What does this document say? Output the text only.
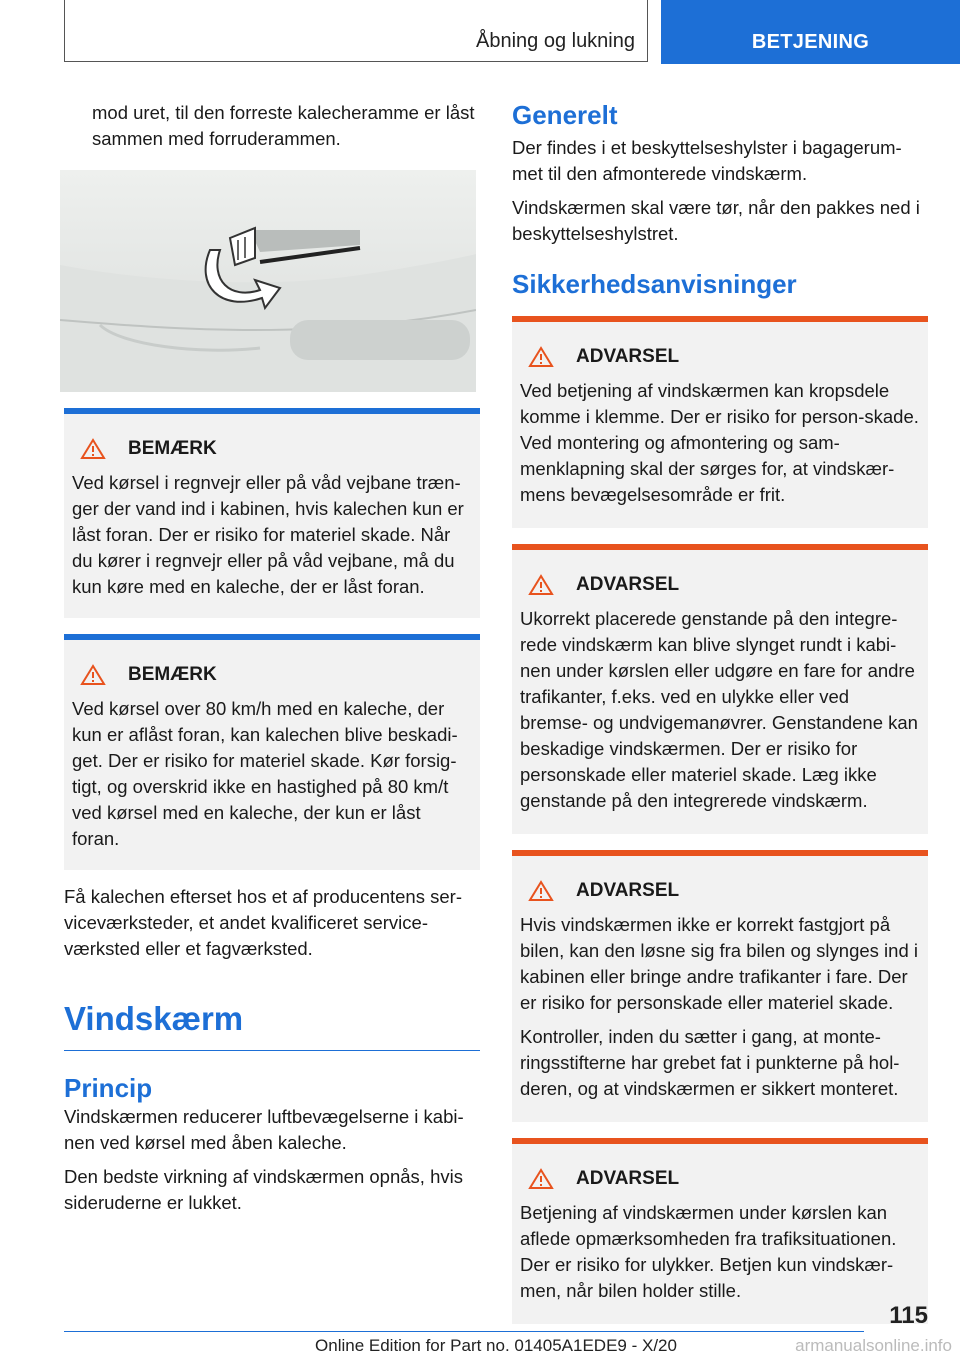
Åbning og lukning	BETJENING

mod uret, til den forreste kalecheramme er låst sammen med forruderammen.

BEMÆRK

Ved kørsel i regnvejr eller på våd vejbane træn-ger der vand ind i kabinen, hvis kalechen kun er låst foran. Der er risiko for materiel skade. Når du kører i regnvejr eller på våd vejbane, må du kun køre med en kaleche, der er låst foran.

BEMÆRK

Ved kørsel over 80 km/h med en kaleche, der kun er aflåst foran, kan kalechen blive beskadi-get. Der er risiko for materiel skade. Kør forsig-tigt, og overskrid ikke en hastighed på 80 km/t ved kørsel med en kaleche, der kun er låst foran.

Få kalechen efterset hos et af producentens ser-viceværksteder, et andet kvalificeret service-værksted eller et fagværksted.

Vindskærm
Princip

Vindskærmen reducerer luftbevægelserne i kabi-nen ved kørsel med åben kaleche.

Den bedste virkning af vindskærmen opnås, hvis sideruderne er lukket.

Generelt

Der findes i et beskyttelseshylster i bagagerum-met til den afmonterede vindskærm.

Vindskærmen skal være tør, når den pakkes ned i beskyttelseshylstret.

Sikkerhedsanvisninger
ADVARSEL

Ved betjening af vindskærmen kan kropsdele komme i klemme. Der er risiko for person-skade. Ved montering og afmontering og sam-menklapning skal der sørges for, at vindskær-mens bevægelsesområde er frit.

ADVARSEL

Ukorrekt placerede genstande på den integre-rede vindskærm kan blive slynget rundt i kabi-nen under kørslen eller udgøre en fare for andre trafikanter, f.eks. ved en ulykke eller ved bremse- og undvigemanøvrer. Genstandene kan beskadige vindskærmen. Der er risiko for personskade eller materiel skade. Læg ikke genstande på den integrerede vindskærm.

ADVARSEL

Hvis vindskærmen ikke er korrekt fastgjort på bilen, kan den løsne sig fra bilen og slynges ind i kabinen eller bringe andre trafikanter i fare. Der er risiko for personskade eller materiel skade.

Kontroller, inden du sætter i gang, at monte-ringsstifterne har grebet fat i punkterne på hol-deren, og at vindskærmen er sikkert monteret.

ADVARSEL

Betjening af vindskærmen under kørslen kan aflede opmærksomheden fra trafiksituationen. Der er risiko for ulykker. Betjen kun vindskær-men, når bilen holder stille.

115
Online Edition for Part no. 01405A1EDE9 - X/20	armanualsonline.info
